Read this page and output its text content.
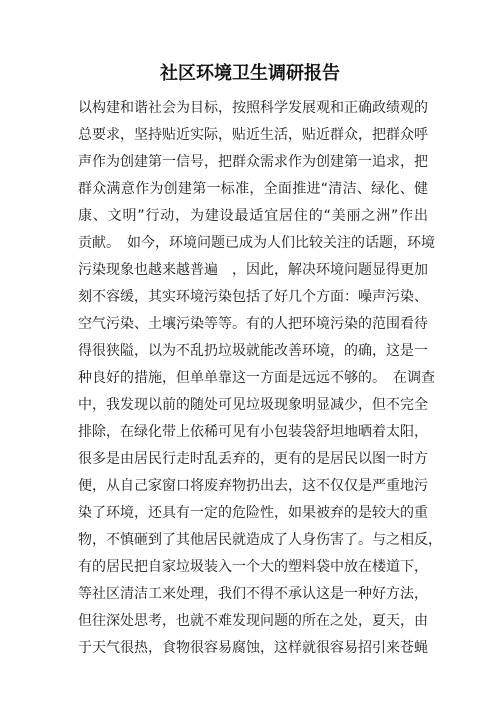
社区环境卫生调研报告
以构建和谐社会为目标，按照科学发展观和正确政绩观的
总要求，坚持贴近实际，贴近生活，贴近群众，把群众呼
声作为创建第一信号，把群众需求作为创建第一追求，把
群众满意作为创建第一标准，全面推进“清洁、绿化、健
康、文明”行动，为建设最适宜居住的“美丽之洲”作出
贡献。　如今，环境问题已成为人们比较关注的话题，环境
污染现象也越来越普遍　，因此，解决环境问题显得更加
刻不容缓，其实环境污染包括了好几个方面：噪声污染、
空气污染、土壤污染等等。有的人把环境污染的范围看待
得很狭隘，以为不乱扔垃圾就能改善环境，的确，这是一
种良好的措施，但单单靠这一方面是远远不够的。　在调查
中，我发现以前的随处可见垃圾现象明显减少，但不完全
排除，在绿化带上依稀可见有小包装袋舒坦地晒着太阳，
很多是由居民行走时乱丢弃的，更有的是居民以图一时方
便，从自己家窗口将废弃物扔出去，这不仅仅是严重地污
染了环境，还具有一定的危险性，如果被弃的是较大的重
物，不慎砸到了其他居民就造成了人身伤害了。与之相反，
有的居民把自家垃圾装入一个大的塑料袋中放在楼道下，
等社区清洁工来处理，我们不得不承认这是一种好方法，
但往深处思考，也就不难发现问题的所在之处，夏天，由
于天气很热，食物很容易腐蚀，这样就很容易招引来苍蝇
